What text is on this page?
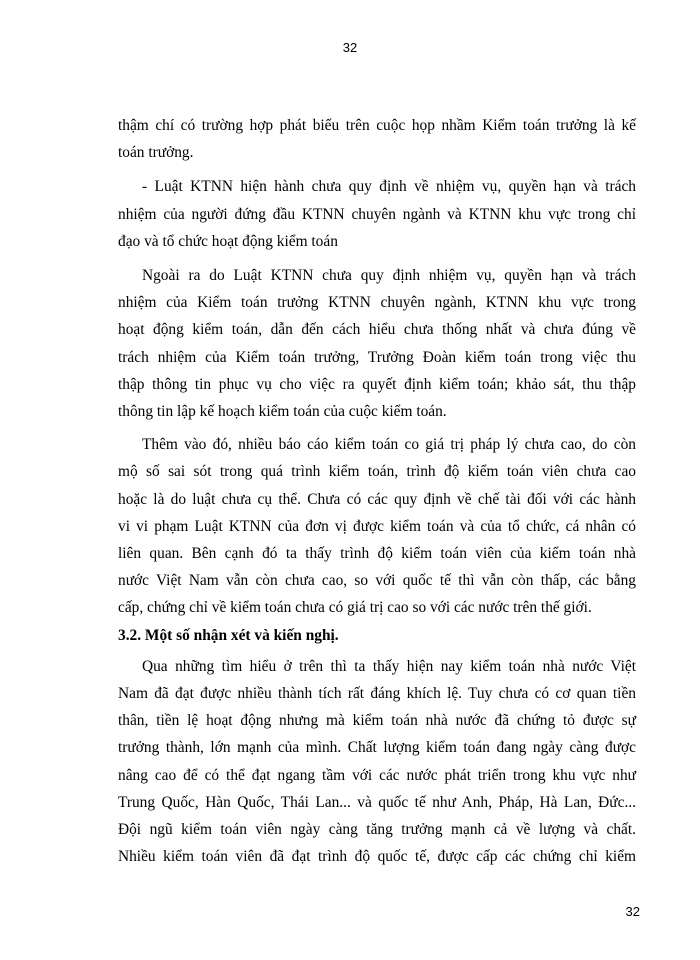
32
thậm chí có trường hợp phát biểu trên cuộc họp nhầm Kiểm toán trưởng là kế
toán trưởng.
- Luật KTNN hiện hành chưa quy định về nhiệm vụ, quyền hạn và trách
nhiệm của người đứng đầu KTNN chuyên ngành và KTNN khu vực trong chỉ
đạo và tổ chức hoạt động kiểm toán
Ngoài ra do Luật KTNN chưa quy định nhiệm vụ, quyền hạn và trách
nhiệm của Kiểm toán trưởng KTNN chuyên ngành, KTNN khu vực trong
hoạt động kiểm toán, dẫn đến cách hiểu chưa thống nhất và chưa đúng về
trách nhiệm của Kiểm toán trưởng, Trưởng Đoàn kiểm toán trong việc thu
thập thông tin phục vụ cho việc ra quyết định kiểm toán; khảo sát, thu thập
thông tin lập kế hoạch kiểm toán của cuộc kiểm toán.
Thêm vào đó, nhiều báo cáo kiểm toán co giá trị pháp lý chưa cao, do còn
mộ số sai sót trong quá trình kiểm toán, trình độ kiểm toán viên chưa cao
hoặc là do luật chưa cụ thể. Chưa có các quy định về chế tài đối với các hành
vi vi phạm Luật KTNN của đơn vị được kiểm toán và của tổ chức, cá nhân có
liên quan. Bên cạnh đó ta thấy trình độ kiểm toán viên của kiểm toán nhà
nước Việt Nam vẫn còn chưa cao, so với quốc tế thì vẫn còn thấp, các bằng
cấp, chứng chỉ về kiểm toán chưa có giá trị cao so với các nước trên thế giới.
3.2. Một số nhận xét và kiến nghị.
Qua những tìm hiểu ở trên thì ta thấy hiện nay kiểm toán nhà nước Việt
Nam đã đạt được nhiều thành tích rất đáng khích lệ. Tuy chưa có cơ quan tiền
thân, tiền lệ hoạt động nhưng mà kiểm toán nhà nước đã chứng tỏ được sự
trưởng thành, lớn mạnh của mình. Chất lượng kiểm toán đang ngày càng được
nâng cao để có thể đạt ngang tầm với các nước phát triển trong khu vực như
Trung Quốc, Hàn Quốc, Thái Lan... và quốc tế như Anh, Pháp, Hà Lan, Đức...
Đội ngũ kiểm toán viên ngày càng tăng trưởng mạnh cả về lượng và chất.
Nhiều kiểm toán viên đã đạt trình độ quốc tế, được cấp các chứng chỉ kiểm
32
